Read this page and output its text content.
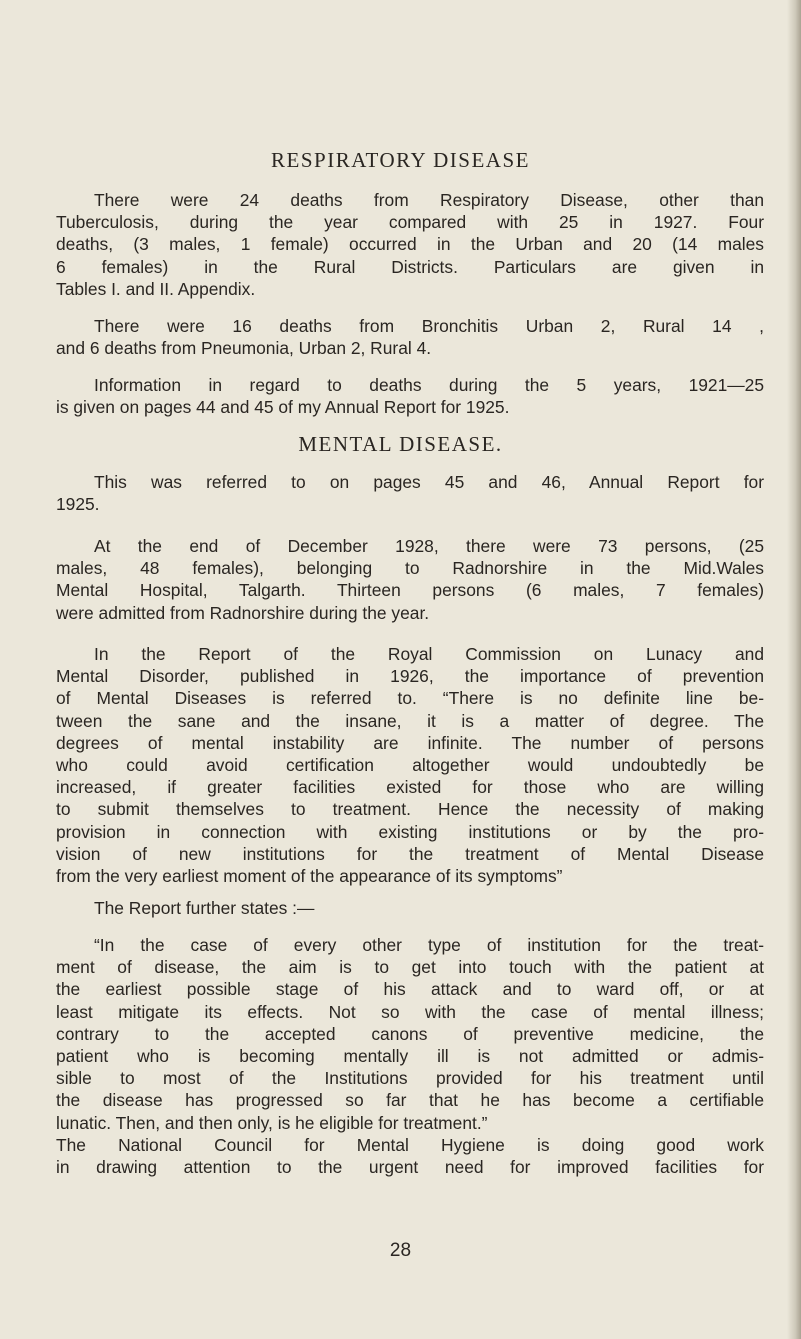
RESPIRATORY DISEASE
There were 24 deaths from Respiratory Disease, other than
Tuberculosis, during the year compared with 25 in 1927. Four
deaths, (3 males, 1 female) occurred in the Urban and 20 (14 males
6 females) in the Rural Districts. Particulars are given in
Tables I. and II. Appendix.
There were 16 deaths from Bronchitis Urban 2, Rural 14 ,
and 6 deaths from Pneumonia, Urban 2, Rural 4.
Information in regard to deaths during the 5 years, 1921—25
is given on pages 44 and 45 of my Annual Report for 1925.
MENTAL DISEASE.
This was referred to on pages 45 and 46, Annual Report for
1925.
At the end of December 1928, there were 73 persons, (25
males, 48 females), belonging to Radnorshire in the Mid.Wales
Mental Hospital, Talgarth. Thirteen persons (6 males, 7 females)
were admitted from Radnorshire during the year.
In the Report of the Royal Commission on Lunacy and
Mental Disorder, published in 1926, the importance of prevention
of Mental Diseases is referred to. “There is no definite line be-
tween the sane and the insane, it is a matter of degree. The
degrees of mental instability are infinite. The number of persons
who could avoid certification altogether would undoubtedly be
increased, if greater facilities existed for those who are willing
to submit themselves to treatment. Hence the necessity of making
provision in connection with existing institutions or by the pro-
vision of new institutions for the treatment of Mental Disease
from the very earliest moment of the appearance of its symptoms”
The Report further states :—
“In the case of every other type of institution for the treat-
ment of disease, the aim is to get into touch with the patient at
the earliest possible stage of his attack and to ward off, or at
least mitigate its effects. Not so with the case of mental illness;
contrary to the accepted canons of preventive medicine, the
patient who is becoming mentally ill is not admitted or admis-
sible to most of the Institutions provided for his treatment until
the disease has progressed so far that he has become a certifiable
lunatic. Then, and then only, is he eligible for treatment.”
The National Council for Mental Hygiene is doing good work
in drawing attention to the urgent need for improved facilities for
28
